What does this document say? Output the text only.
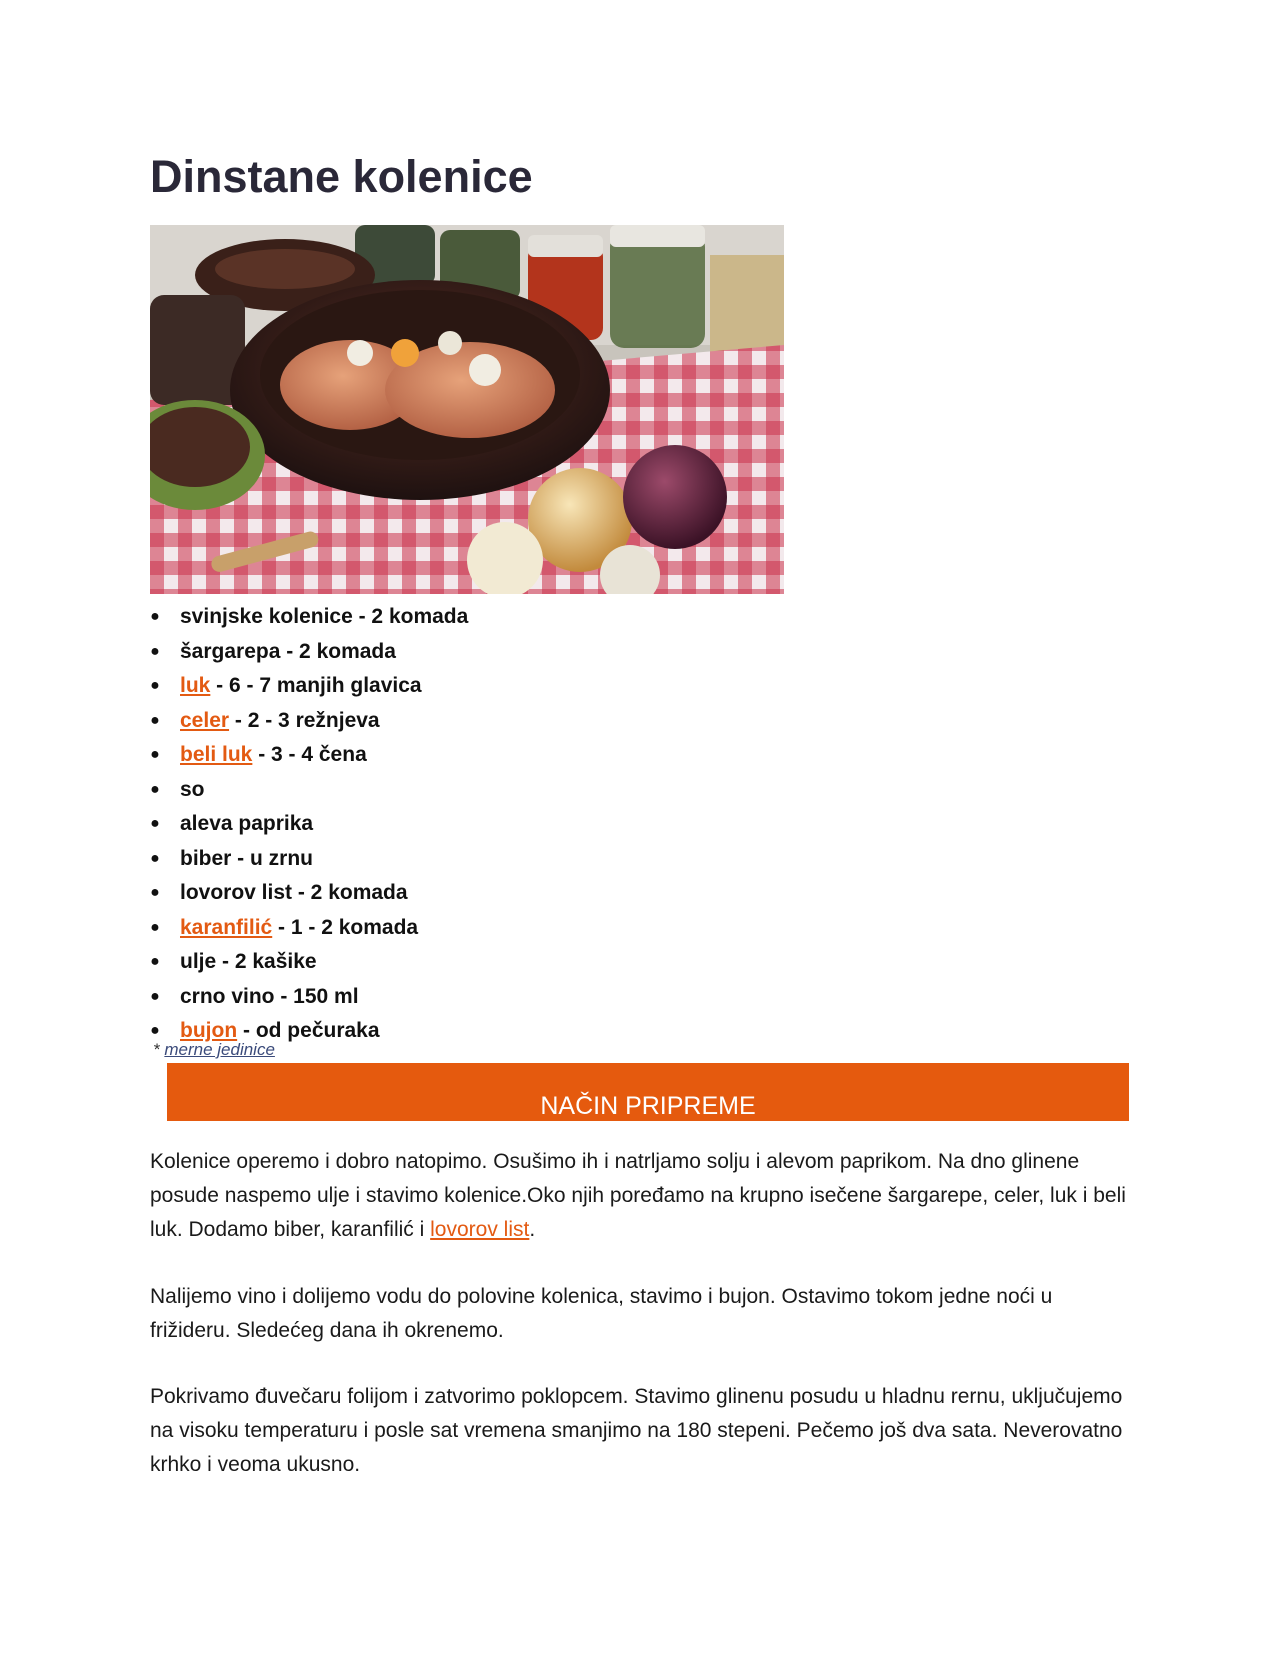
Dinstane kolenice
● svinjske kolenice - 2 komada
● šargarepa - 2 komada
● luk - 6 - 7 manjih glavica
● celer - 2 - 3 režnjeva
● beli luk - 3 - 4 čena
● so
● aleva paprika
● biber - u zrnu
● lovorov list - 2 komada
● karanfilić - 1 - 2 komada
● ulje - 2 kašike
● crno vino - 150 ml
● bujon - od pečuraka
* merne jedinice
NAČIN PRIPREME

Kolenice operemo i dobro natopimo. Osušimo ih i natrljamo solju i alevom paprikom. Na dno glinene posude naspemo ulje i stavimo kolenice.Oko njih poređamo na krupno isečene šargarepe, celer, luk i beli luk. Dodamo biber, karanfilić i lovorov list.

Nalijemo vino i dolijemo vodu do polovine kolenica, stavimo i bujon. Ostavimo tokom jedne noći u frižideru. Sledećeg dana ih okrenemo.

Pokrivamo đuvečaru folijom i zatvorimo poklopcem. Stavimo glinenu posudu u hladnu rernu, uključujemo na visoku temperaturu i posle sat vremena smanjimo na 180 stepeni. Pečemo još dva sata. Neverovatno krhko i veoma ukusno.
